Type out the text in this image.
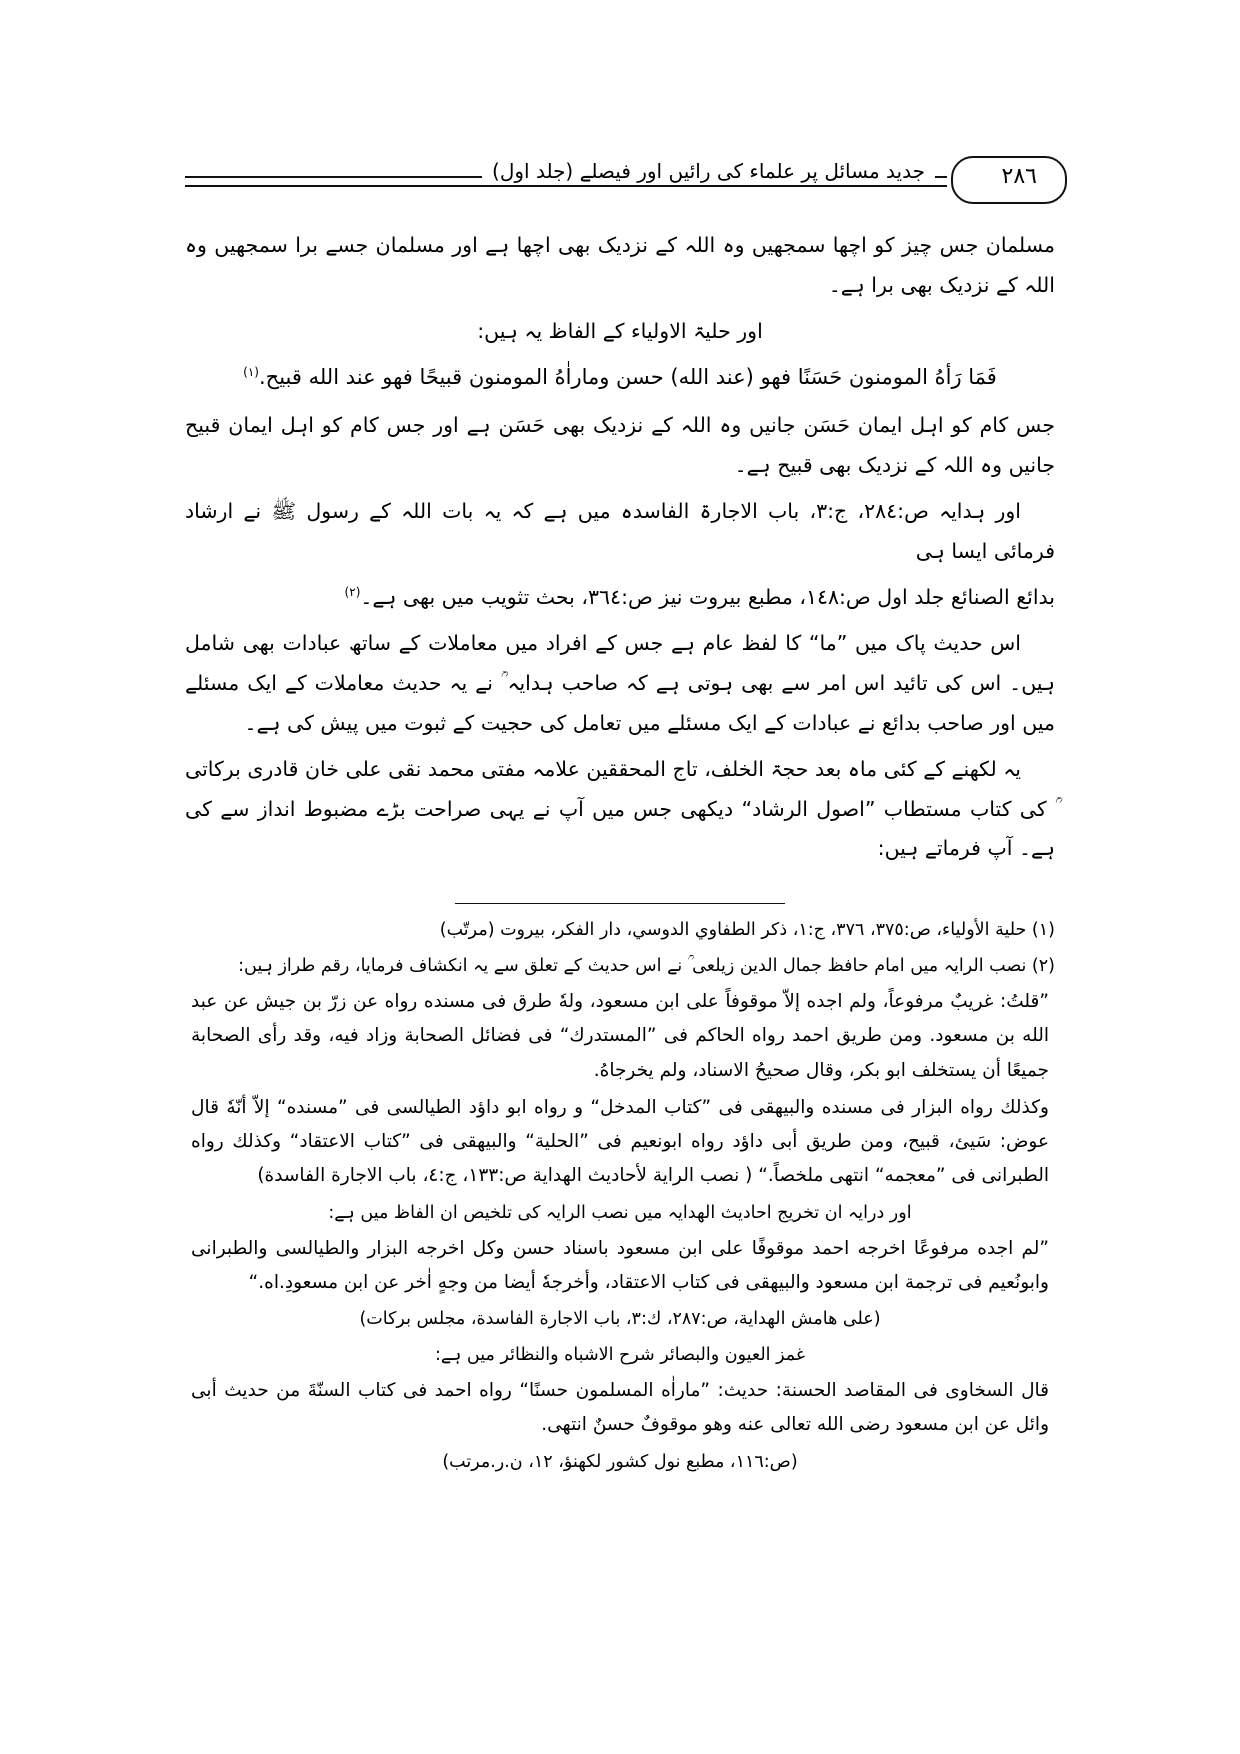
جدید مسائل پر علماء کی رائیں اور فیصلے (جلد اول)	٢٨٦

مسلمان جس چیز کو اچھا سمجھیں وہ اللہ کے نزدیک بھی اچھا ہے اور مسلمان جسے برا سمجھیں وہ اللہ کے نزدیک بھی برا ہے۔

اور حلیۃ الاولیاء کے الفاظ یہ ہیں:

فَمَا رَأهُ المومنون حَسَنًا فهو (عند الله) حسن وماراٰهُ المومنون قبيحًا فهو عند الله قبيح.$^{(١)}$

جس کام کو اہل ایمان حَسَن جانیں وہ اللہ کے نزدیک بھی حَسَن ہے اور جس کام کو اہل ایمان قبیح جانیں وہ اللہ کے نزدیک بھی قبیح ہے۔

اور ہدایہ ص:٢٨٤، ج:٣، باب الاجارۃ الفاسدہ میں ہے کہ یہ بات اللہ کے رسول ﷺ نے ارشاد فرمائی ایسا ہی

بدائع الصنائع جلد اول ص:١٤٨، مطبع بیروت نیز ص:٣٦٤، بحث تثویب میں بھی ہے۔$^{(٢)}$

اس حدیث پاک میں ”ما“ کا لفظ عام ہے جس کے افراد میں معاملات کے ساتھ عبادات بھی شامل ہیں۔ اس کی تائید اس امر سے بھی ہوتی ہے کہ صاحب ہدایہ ؒ نے یہ حدیث معاملات کے ایک مسئلے میں اور صاحب بدائع نے عبادات کے ایک مسئلے میں تعامل کی حجیت کے ثبوت میں پیش کی ہے۔

یہ لکھنے کے کئی ماہ بعد حجۃ الخلف، تاج المحققین علامہ مفتی محمد نقی علی خان قادری برکاتی ؒ کی کتاب مستطاب ”اصول الرشاد“ دیکھی جس میں آپ نے یہی صراحت بڑے مضبوط انداز سے کی ہے۔ آپ فرماتے ہیں:

(١) حلية الأولياء، ص:٣٧٥، ٣٧٦، ج:١، ذكر الطفاوي الدوسي، دار الفكر، بيروت (مرتّب)

(٢) نصب الرایہ میں امام حافظ جمال الدین زیلعی ؒ نے اس حدیث کے تعلق سے یہ انکشاف فرمایا، رقم طراز ہیں:

”قلتُ: غريبٌ مرفوعاً، ولم اجده إلاّ موقوفاً على ابن مسعود، ولهٗ طرق فى مسنده رواه عن زرّ بن جيش عن عبد الله بن مسعود. ومن طريق احمد رواه الحاكم فى ”المستدرك“ فى فضائل الصحابة وزاد فيه، وقد رأى الصحابة جميعًا أن يستخلف ابو بكر، وقال صحيحُ الاسناد، ولم يخرجاهُ.

وكذلك رواه البزار فى مسنده والبيهقى فى ”كتاب المدخل“ و رواه ابو داؤد الطيالسى فى ”مسنده“ إلاّ أنّهٗ قال عوض: سَيئ، قبيح، ومن طريق أبى داؤد رواه ابونعيم فى ”الحلية“ والبيهقى فى ”كتاب الاعتقاد“ وكذلك رواه الطبرانى فى ”معجمه“ انتهى ملخصاً.“ ( نصب الراية لأحاديث الهداية ص:١٣٣، ج:٤، باب الاجارة الفاسدة)

اور درایہ ان تخریج احادیث الھدایہ میں نصب الرایہ کی تلخیص ان الفاظ میں ہے:

”لم اجده مرفوعًا اخرجه احمد موقوفًا على ابن مسعود باسناد حسن وكل اخرجه البزار والطيالسى والطبرانى وابونُعيم فى ترجمة ابن مسعود والبيهقى فى كتاب الاعتقاد، وأخرجهٗ أيضا من وجهٍ اٰخر عن ابن مسعودِ.اه.“

(على هامش الهداية، ص:٢٨٧، ك:٣، باب الاجارة الفاسدة، مجلس بركات)

غمز العيون والبصائر شرح الاشباه والنظائر میں ہے:

قال السخاوى فى المقاصد الحسنة: حديث: ”ماراٰه المسلمون حسنًا“ رواه احمد فى كتاب السنّةَ من حديث أبى وائل عن ابن مسعود رضى الله تعالى عنه وهو موقوفٌ حسنٌ انتهى.

(ص:١١٦، مطبع نول كشور لكهنؤ، ١٢، ن.ر.مرتب)
